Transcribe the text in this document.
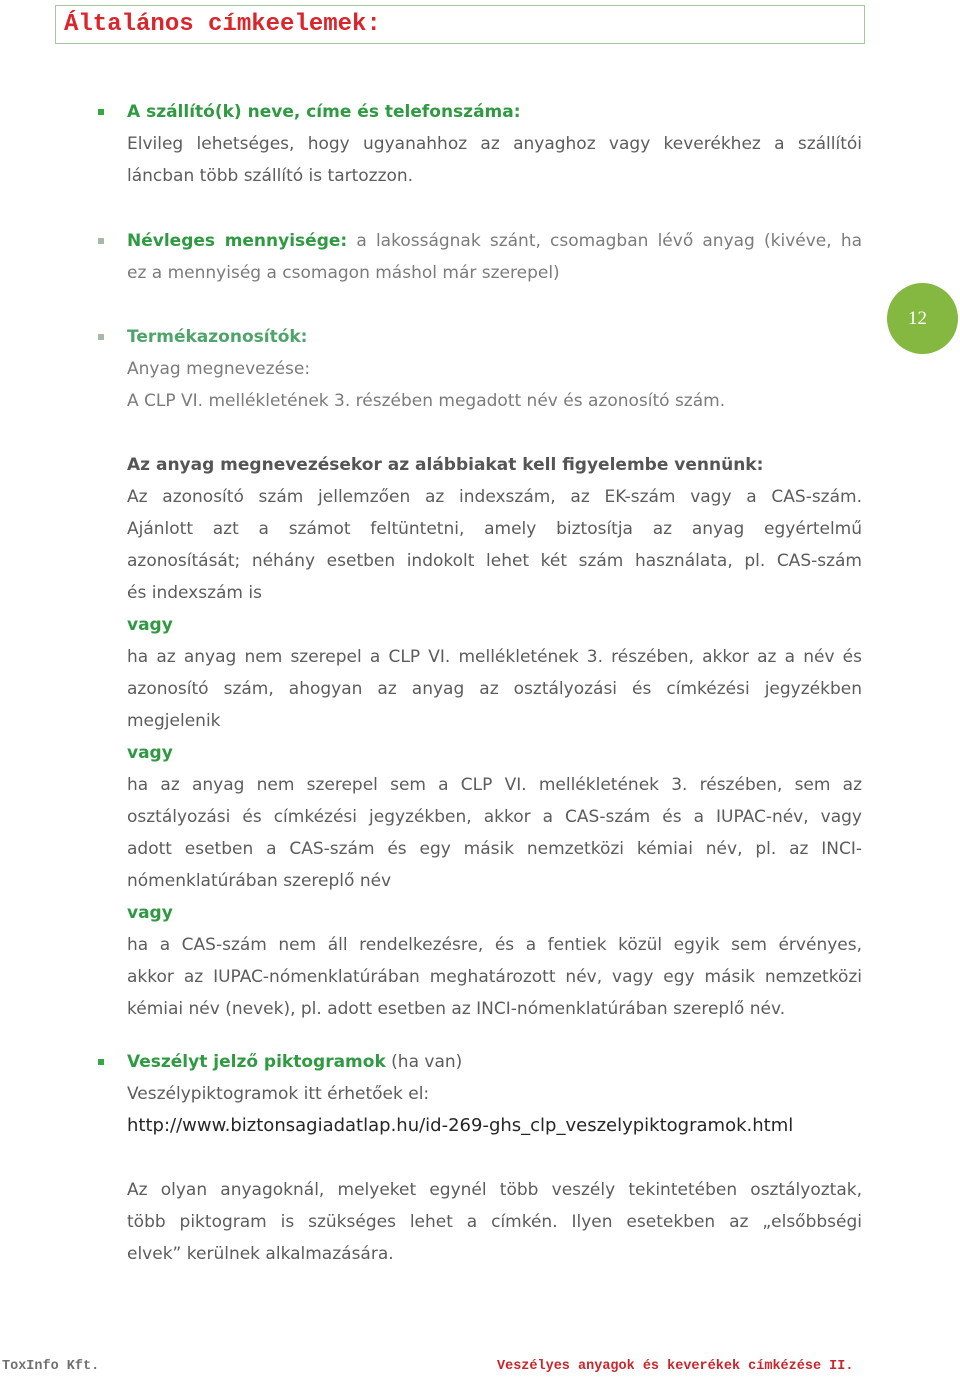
Általános címkeelemek:
12
A szállító(k) neve, címe és telefonszáma:
Elvileg lehetséges, hogy ugyanahhoz az anyaghoz vagy keverékhez a szállítói
láncban több szállító is tartozzon.
Névleges mennyisége: a lakosságnak szánt, csomagban lévő anyag (kivéve, ha
ez a mennyiség a csomagon máshol már szerepel)
Termékazonosítók:
Anyag megnevezése:
A CLP VI. mellékletének 3. részében megadott név és azonosító szám.
Az anyag megnevezésekor az alábbiakat kell figyelembe vennünk:
Az azonosító szám jellemzően az indexszám, az EK-szám vagy a CAS-szám.
Ajánlott azt a számot feltüntetni, amely biztosítja az anyag egyértelmű
azonosítását; néhány esetben indokolt lehet két szám használata, pl. CAS-szám
és indexszám is
vagy
ha az anyag nem szerepel a CLP VI. mellékletének 3. részében, akkor az a név és
azonosító szám, ahogyan az anyag az osztályozási és címkézési jegyzékben
megjelenik
vagy
ha az anyag nem szerepel sem a CLP VI. mellékletének 3. részében, sem az
osztályozási és címkézési jegyzékben, akkor a CAS-szám és a IUPAC-név, vagy
adott esetben a CAS-szám és egy másik nemzetközi kémiai név, pl. az INCI-
nómenklatúrában szereplő név
vagy
ha a CAS-szám nem áll rendelkezésre, és a fentiek közül egyik sem érvényes,
akkor az IUPAC-nómenklatúrában meghatározott név, vagy egy másik nemzetközi
kémiai név (nevek), pl. adott esetben az INCI-nómenklatúrában szereplő név.
Veszélyt jelző piktogramok (ha van)
Veszélypiktogramok itt érhetőek el:
http://www.biztonsagiadatlap.hu/id-269-ghs_clp_veszelypiktogramok.html
Az olyan anyagoknál, melyeket egynél több veszély tekintetében osztályoztak,
több piktogram is szükséges lehet a címkén. Ilyen esetekben az „elsőbbségi
elvek” kerülnek alkalmazására.
ToxInfo Kft.	Veszélyes anyagok és keverékek címkézése II.
